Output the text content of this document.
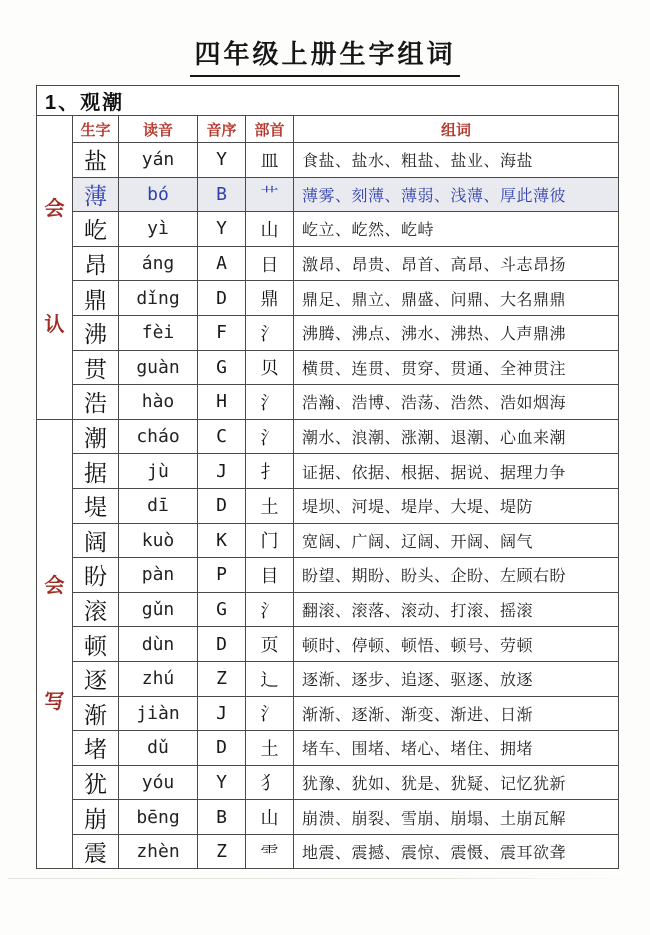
四年级上册生字组词
1、观潮					

会
认	生字	读音	音序	部首	组词
	盐	yán	Y	皿	食盐、盐水、粗盐、盐业、海盐
	薄	bó	B	艹	薄雾、刻薄、薄弱、浅薄、厚此薄彼
	屹	yì	Y	山	屹立、屹然、屹峙
	昂	áng	A	日	激昂、昂贵、昂首、高昂、斗志昂扬
	鼎	dǐng	D	鼎	鼎足、鼎立、鼎盛、问鼎、大名鼎鼎
	沸	fèi	F	氵	沸腾、沸点、沸水、沸热、人声鼎沸
	贯	guàn	G	贝	横贯、连贯、贯穿、贯通、全神贯注
	浩	hào	H	氵	浩瀚、浩博、浩荡、浩然、浩如烟海

会
写	潮	cháo	C	氵	潮水、浪潮、涨潮、退潮、心血来潮
	据	jù	J	扌	证据、依据、根据、据说、据理力争
	堤	dī	D	土	堤坝、河堤、堤岸、大堤、堤防
	阔	kuò	K	门	宽阔、广阔、辽阔、开阔、阔气
	盼	pàn	P	目	盼望、期盼、盼头、企盼、左顾右盼
	滚	gǔn	G	氵	翻滚、滚落、滚动、打滚、摇滚
	顿	dùn	D	页	顿时、停顿、顿悟、顿号、劳顿
	逐	zhú	Z	辶	逐渐、逐步、追逐、驱逐、放逐
	渐	jiàn	J	氵	渐渐、逐渐、渐变、渐进、日渐
	堵	dǔ	D	土	堵车、围堵、堵心、堵住、拥堵
	犹	yóu	Y	犭	犹豫、犹如、犹是、犹疑、记忆犹新
	崩	bēng	B	山	崩溃、崩裂、雪崩、崩塌、土崩瓦解
	震	zhèn	Z	⻗	地震、震撼、震惊、震慑、震耳欲聋
